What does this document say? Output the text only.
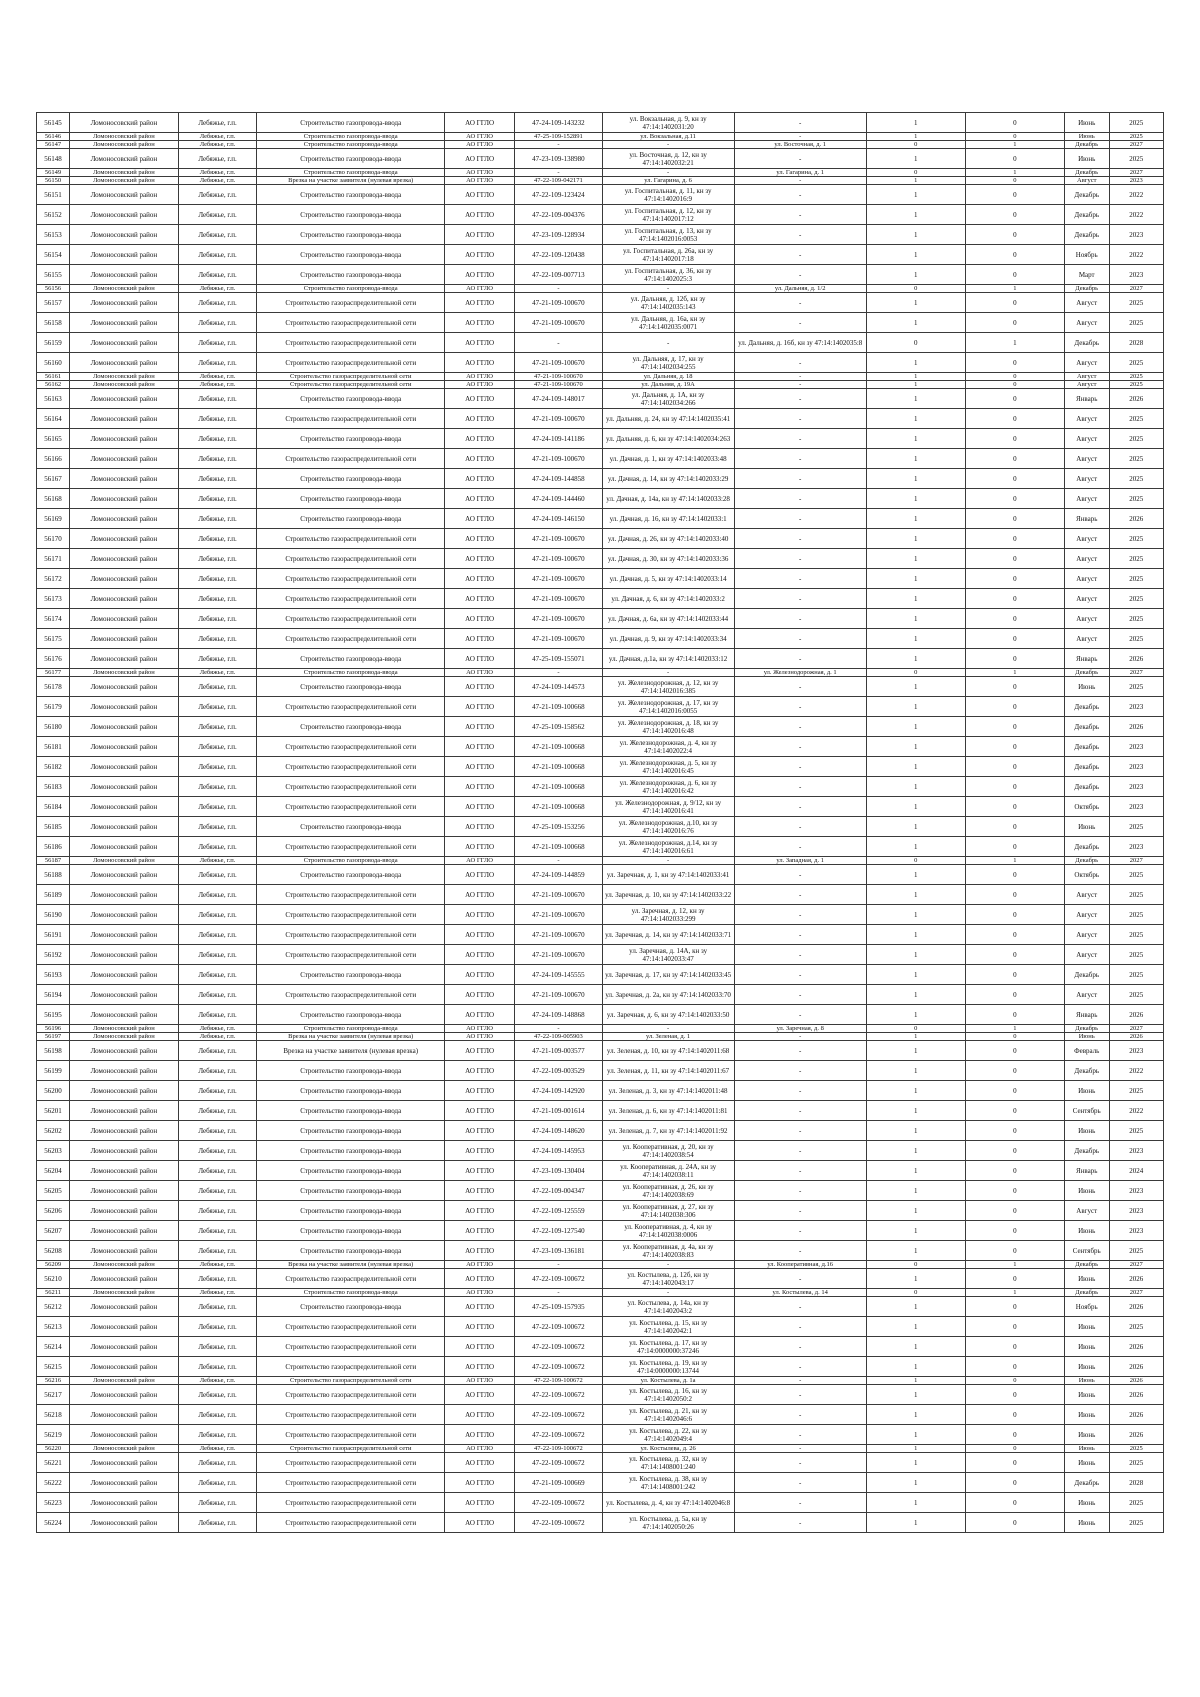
56145	Ломоносовский район	Лебяжье, г.п.	Строительство газопровода-ввода	АО ГГЛО	47-24-109-143232	ул. Вокзальная, д. 9, кн зу 47:14:1402031:20	-	1	0	Июнь	2025
56146	Ломоносовский район	Лебяжье, г.п.	Строительство газопровода-ввода	АО ГГЛО	47-25-109-152891	ул. Вокзальная, д.11	-	1	0	Июнь	2025
56147	Ломоносовский район	Лебяжье, г.п.	Строительство газопровода-ввода	АО ГГЛО	-	-	ул. Восточная, д. 1	0	1	Декабрь	2027
56148	Ломоносовский район	Лебяжье, г.п.	Строительство газопровода-ввода	АО ГГЛО	47-23-109-138980	ул. Восточная, д. 12, кн зу 47:14:1402032:21	-	1	0	Июнь	2025
56149	Ломоносовский район	Лебяжье, г.п.	Строительство газопровода-ввода	АО ГГЛО	-	-	ул. Гагарина, д. 1	0	1	Декабрь	2027
56150	Ломоносовский район	Лебяжье, г.п.	Врезка на участке заявителя (нулевая врезка)	АО ГГЛО	47-22-109-042171	ул. Гагарина, д. 6	-	1	0	Август	2023
56151	Ломоносовский район	Лебяжье, г.п.	Строительство газопровода-ввода	АО ГГЛО	47-22-109-123424	ул. Госпитальная, д. 11, кн зу 47:14:1402016:9	-	1	0	Декабрь	2022
56152	Ломоносовский район	Лебяжье, г.п.	Строительство газопровода-ввода	АО ГГЛО	47-22-109-004376	ул. Госпитальная, д. 12, кн зу 47:14:1402017:12	-	1	0	Декабрь	2022
56153	Ломоносовский район	Лебяжье, г.п.	Строительство газопровода-ввода	АО ГГЛО	47-23-109-128934	ул. Госпитальная, д. 13, кн зу 47:14:1402016:0053	-	1	0	Декабрь	2023
56154	Ломоносовский район	Лебяжье, г.п.	Строительство газопровода-ввода	АО ГГЛО	47-22-109-120438	ул. Госпитальная, д. 26а, кн зу 47:14:1402017:18	-	1	0	Ноябрь	2022
56155	Ломоносовский район	Лебяжье, г.п.	Строительство газопровода-ввода	АО ГГЛО	47-22-109-007713	ул. Госпитальная, д. 36, кн зу 47:14:1402025:3	-	1	0	Март	2023
56156	Ломоносовский район	Лебяжье, г.п.	Строительство газопровода-ввода	АО ГГЛО	-	-	ул. Дальняя, д. 1/2	0	1	Декабрь	2027
56157	Ломоносовский район	Лебяжье, г.п.	Строительство газораспределительной сети	АО ГГЛО	47-21-109-100670	ул. Дальняя, д. 12б, кн зу 47:14:1402035:143	-	1	0	Август	2025
56158	Ломоносовский район	Лебяжье, г.п.	Строительство газораспределительной сети	АО ГГЛО	47-21-109-100670	ул. Дальняя, д. 16а, кн зу 47:14:1402035:0071	-	1	0	Август	2025
56159	Ломоносовский район	Лебяжье, г.п.	Строительство газораспределительной сети	АО ГГЛО	-	-	ул. Дальняя, д. 16б, кн зу 47:14:1402035:8	0	1	Декабрь	2028
56160	Ломоносовский район	Лебяжье, г.п.	Строительство газораспределительной сети	АО ГГЛО	47-21-109-100670	ул. Дальняя, д. 17, кн зу 47:14:1402034:255	-	1	0	Август	2025
56161	Ломоносовский район	Лебяжье, г.п.	Строительство газораспределительной сети	АО ГГЛО	47-21-109-100670	ул. Дальняя, д. 18	-	1	0	Август	2025
56162	Ломоносовский район	Лебяжье, г.п.	Строительство газораспределительной сети	АО ГГЛО	47-21-109-100670	ул. Дальняя, д. 19А	-	1	0	Август	2025
56163	Ломоносовский район	Лебяжье, г.п.	Строительство газопровода-ввода	АО ГГЛО	47-24-109-148017	ул. Дальняя, д. 1А, кн зу 47:14:1402034:266	-	1	0	Январь	2026
56164	Ломоносовский район	Лебяжье, г.п.	Строительство газораспределительной сети	АО ГГЛО	47-21-109-100670	ул. Дальняя, д. 24, кн зу 47:14:1402035:41	-	1	0	Август	2025
56165	Ломоносовский район	Лебяжье, г.п.	Строительство газопровода-ввода	АО ГГЛО	47-24-109-141186	ул. Дальняя, д. 6, кн зу 47:14:1402034:263	-	1	0	Август	2025
56166	Ломоносовский район	Лебяжье, г.п.	Строительство газораспределительной сети	АО ГГЛО	47-21-109-100670	ул. Дачная, д. 1, кн зу 47:14:1402033:48	-	1	0	Август	2025
56167	Ломоносовский район	Лебяжье, г.п.	Строительство газопровода-ввода	АО ГГЛО	47-24-109-144858	ул. Дачная, д. 14, кн зу 47:14:1402033:29	-	1	0	Август	2025
56168	Ломоносовский район	Лебяжье, г.п.	Строительство газопровода-ввода	АО ГГЛО	47-24-109-144460	ул. Дачная, д. 14а, кн зу 47:14:1402033:28	-	1	0	Август	2025
56169	Ломоносовский район	Лебяжье, г.п.	Строительство газопровода-ввода	АО ГГЛО	47-24-109-146150	ул. Дачная, д. 16, кн зу 47:14:1402033:1	-	1	0	Январь	2026
56170	Ломоносовский район	Лебяжье, г.п.	Строительство газораспределительной сети	АО ГГЛО	47-21-109-100670	ул. Дачная, д. 26, кн зу 47:14:1402033:40	-	1	0	Август	2025
56171	Ломоносовский район	Лебяжье, г.п.	Строительство газораспределительной сети	АО ГГЛО	47-21-109-100670	ул. Дачная, д. 30, кн зу 47:14:1402033:36	-	1	0	Август	2025
56172	Ломоносовский район	Лебяжье, г.п.	Строительство газораспределительной сети	АО ГГЛО	47-21-109-100670	ул. Дачная, д. 5, кн зу 47:14:1402033:14	-	1	0	Август	2025
56173	Ломоносовский район	Лебяжье, г.п.	Строительство газораспределительной сети	АО ГГЛО	47-21-109-100670	ул. Дачная, д. 6, кн зу 47:14:1402033:2	-	1	0	Август	2025
56174	Ломоносовский район	Лебяжье, г.п.	Строительство газораспределительной сети	АО ГГЛО	47-21-109-100670	ул. Дачная, д. 6а, кн зу 47:14:1402033:44	-	1	0	Август	2025
56175	Ломоносовский район	Лебяжье, г.п.	Строительство газораспределительной сети	АО ГГЛО	47-21-109-100670	ул. Дачная, д. 9, кн зу 47:14:1402033:34	-	1	0	Август	2025
56176	Ломоносовский район	Лебяжье, г.п.	Строительство газопровода-ввода	АО ГГЛО	47-25-109-155071	ул. Дачная, д.1а, кн зу 47:14:1402033:12	-	1	0	Январь	2026
56177	Ломоносовский район	Лебяжье, г.п.	Строительство газопровода-ввода	АО ГГЛО	-	-	ул. Железнодорожная, д. 1	0	1	Декабрь	2027
56178	Ломоносовский район	Лебяжье, г.п.	Строительство газопровода-ввода	АО ГГЛО	47-24-109-144573	ул. Железнодорожная, д. 12, кн зу 47:14:1402016:385	-	1	0	Июнь	2025
56179	Ломоносовский район	Лебяжье, г.п.	Строительство газораспределительной сети	АО ГГЛО	47-21-109-100668	ул. Железнодорожная, д. 17, кн зу 47:14:1402016:0055	-	1	0	Декабрь	2023
56180	Ломоносовский район	Лебяжье, г.п.	Строительство газопровода-ввода	АО ГГЛО	47-25-109-158562	ул. Железнодорожная, д. 18, кн зу 47:14:1402016:48	-	1	0	Декабрь	2026
56181	Ломоносовский район	Лебяжье, г.п.	Строительство газораспределительной сети	АО ГГЛО	47-21-109-100668	ул. Железнодорожная, д. 4, кн зу 47:14:1402022:4	-	1	0	Декабрь	2023
56182	Ломоносовский район	Лебяжье, г.п.	Строительство газораспределительной сети	АО ГГЛО	47-21-109-100668	ул. Железнодорожная, д. 5, кн зу 47:14:1402016:45	-	1	0	Декабрь	2023
56183	Ломоносовский район	Лебяжье, г.п.	Строительство газораспределительной сети	АО ГГЛО	47-21-109-100668	ул. Железнодорожная, д. 6, кн зу 47:14:1402016:42	-	1	0	Декабрь	2023
56184	Ломоносовский район	Лебяжье, г.п.	Строительство газораспределительной сети	АО ГГЛО	47-21-109-100668	ул. Железнодорожная, д. 9/12, кн зу 47:14:1402016:41	-	1	0	Октябрь	2023
56185	Ломоносовский район	Лебяжье, г.п.	Строительство газопровода-ввода	АО ГГЛО	47-25-109-153256	ул. Железнодорожная, д.10, кн зу 47:14:1402016:76	-	1	0	Июнь	2025
56186	Ломоносовский район	Лебяжье, г.п.	Строительство газораспределительной сети	АО ГГЛО	47-21-109-100668	ул. Железнодорожная, д.14, кн зу 47:14:1402016:61	-	1	0	Декабрь	2023
56187	Ломоносовский район	Лебяжье, г.п.	Строительство газопровода-ввода	АО ГГЛО	-	-	ул. Западная, д. 1	0	1	Декабрь	2027
56188	Ломоносовский район	Лебяжье, г.п.	Строительство газопровода-ввода	АО ГГЛО	47-24-109-144859	ул. Заречная, д. 1, кн зу 47:14:1402033:41	-	1	0	Октябрь	2025
56189	Ломоносовский район	Лебяжье, г.п.	Строительство газораспределительной сети	АО ГГЛО	47-21-109-100670	ул. Заречная, д. 10, кн зу 47:14:1402033:22	-	1	0	Август	2025
56190	Ломоносовский район	Лебяжье, г.п.	Строительство газораспределительной сети	АО ГГЛО	47-21-109-100670	ул. Заречная, д. 12, кн зу 47:14:1402033:299	-	1	0	Август	2025
56191	Ломоносовский район	Лебяжье, г.п.	Строительство газораспределительной сети	АО ГГЛО	47-21-109-100670	ул. Заречная, д. 14, кн зу 47:14:1402033:71	-	1	0	Август	2025
56192	Ломоносовский район	Лебяжье, г.п.	Строительство газораспределительной сети	АО ГГЛО	47-21-109-100670	ул. Заречная, д. 14А, кн зу 47:14:1402033:47	-	1	0	Август	2025
56193	Ломоносовский район	Лебяжье, г.п.	Строительство газопровода-ввода	АО ГГЛО	47-24-109-145555	ул. Заречная, д. 17, кн зу 47:14:1402033:45	-	1	0	Декабрь	2025
56194	Ломоносовский район	Лебяжье, г.п.	Строительство газораспределительной сети	АО ГГЛО	47-21-109-100670	ул. Заречная, д. 2а, кн зу 47:14:1402033:70	-	1	0	Август	2025
56195	Ломоносовский район	Лебяжье, г.п.	Строительство газопровода-ввода	АО ГГЛО	47-24-109-148868	ул. Заречная, д. 6, кн зу 47:14:1402033:50	-	1	0	Январь	2026
56196	Ломоносовский район	Лебяжье, г.п.	Строительство газопровода-ввода	АО ГГЛО	-	-	ул. Заречная, д. 8	0	1	Декабрь	2027
56197	Ломоносовский район	Лебяжье, г.п.	Врезка на участке заявителя (нулевая врезка)	АО ГГЛО	47-22-109-005903	ул. Зеленая, д. 1	-	1	0	Июнь	2026
56198	Ломоносовский район	Лебяжье, г.п.	Врезка на участке заявителя (нулевая врезка)	АО ГГЛО	47-21-109-003577	ул. Зеленая, д. 10, кн зу 47:14:1402011:68	-	1	0	Февраль	2023
56199	Ломоносовский район	Лебяжье, г.п.	Строительство газопровода-ввода	АО ГГЛО	47-22-109-003529	ул. Зеленая, д. 11, кн зу 47:14:1402011:67	-	1	0	Декабрь	2022
56200	Ломоносовский район	Лебяжье, г.п.	Строительство газопровода-ввода	АО ГГЛО	47-24-109-142920	ул. Зеленая, д. 3, кн зу 47:14:1402011:48	-	1	0	Июнь	2025
56201	Ломоносовский район	Лебяжье, г.п.	Строительство газопровода-ввода	АО ГГЛО	47-21-109-001614	ул. Зеленая, д. 6, кн зу 47:14:1402011:81	-	1	0	Сентябрь	2022
56202	Ломоносовский район	Лебяжье, г.п.	Строительство газопровода-ввода	АО ГГЛО	47-24-109-148620	ул. Зеленая, д. 7, кн зу 47:14:1402011:92	-	1	0	Июнь	2025
56203	Ломоносовский район	Лебяжье, г.п.	Строительство газопровода-ввода	АО ГГЛО	47-24-109-145953	ул. Кооперативная, д. 20, кн зу 47:14:1402038:54	-	1	0	Декабрь	2023
56204	Ломоносовский район	Лебяжье, г.п.	Строительство газопровода-ввода	АО ГГЛО	47-23-109-130404	ул. Кооперативная, д. 24А, кн зу 47:14:1402038:11	-	1	0	Январь	2024
56205	Ломоносовский район	Лебяжье, г.п.	Строительство газопровода-ввода	АО ГГЛО	47-22-109-004347	ул. Кооперативная, д. 26, кн зу 47:14:1402038:69	-	1	0	Июнь	2023
56206	Ломоносовский район	Лебяжье, г.п.	Строительство газопровода-ввода	АО ГГЛО	47-22-109-125559	ул. Кооперативная, д. 27, кн зу 47:14:1402038:306	-	1	0	Август	2023
56207	Ломоносовский район	Лебяжье, г.п.	Строительство газопровода-ввода	АО ГГЛО	47-22-109-127540	ул. Кооперативная, д. 4, кн зу 47:14:1402038:0006	-	1	0	Июнь	2023
56208	Ломоносовский район	Лебяжье, г.п.	Строительство газопровода-ввода	АО ГГЛО	47-23-109-136181	ул. Кооперативная, д. 4а, кн зу 47:14:1402038:83	-	1	0	Сентябрь	2025
56209	Ломоносовский район	Лебяжье, г.п.	Врезка на участке заявителя (нулевая врезка)	АО ГГЛО	-	-	ул. Кооперативная, д.16	0	1	Декабрь	2027
56210	Ломоносовский район	Лебяжье, г.п.	Строительство газораспределительной сети	АО ГГЛО	47-22-109-100672	ул. Костылева, д. 12б, кн зу 47:14:1402043:17	-	1	0	Июнь	2026
56211	Ломоносовский район	Лебяжье, г.п.	Строительство газопровода-ввода	АО ГГЛО	-	-	ул. Костылева, д. 14	0	1	Декабрь	2027
56212	Ломоносовский район	Лебяжье, г.п.	Строительство газопровода-ввода	АО ГГЛО	47-25-109-157935	ул. Костылева, д. 14а, кн зу 47:14:1402043:2	-	1	0	Ноябрь	2026
56213	Ломоносовский район	Лебяжье, г.п.	Строительство газораспределительной сети	АО ГГЛО	47-22-109-100672	ул. Костылева, д. 15, кн зу 47:14:1402042:1	-	1	0	Июнь	2025
56214	Ломоносовский район	Лебяжье, г.п.	Строительство газораспределительной сети	АО ГГЛО	47-22-109-100672	ул. Костылева, д. 17, кн зу 47:14:0000000:37246	-	1	0	Июнь	2026
56215	Ломоносовский район	Лебяжье, г.п.	Строительство газораспределительной сети	АО ГГЛО	47-22-109-100672	ул. Костылева, д. 19, кн зу 47:14:0000000:13744	-	1	0	Июнь	2026
56216	Ломоносовский район	Лебяжье, г.п.	Строительство газораспределительной сети	АО ГГЛО	47-22-109-100672	ул. Костылева, д. 1а	-	1	0	Июнь	2026
56217	Ломоносовский район	Лебяжье, г.п.	Строительство газораспределительной сети	АО ГГЛО	47-22-109-100672	ул. Костылева, д. 16, кн зу 47:14:1402050:2	-	1	0	Июнь	2026
56218	Ломоносовский район	Лебяжье, г.п.	Строительство газораспределительной сети	АО ГГЛО	47-22-109-100672	ул. Костылева, д. 21, кн зу 47:14:1402046:6	-	1	0	Июнь	2026
56219	Ломоносовский район	Лебяжье, г.п.	Строительство газораспределительной сети	АО ГГЛО	47-22-109-100672	ул. Костылева, д. 22, кн зу 47:14:1402049:4	-	1	0	Июнь	2026
56220	Ломоносовский район	Лебяжье, г.п.	Строительство газораспределительной сети	АО ГГЛО	47-22-109-100672	ул. Костылева, д. 26	-	1	0	Июнь	2025
56221	Ломоносовский район	Лебяжье, г.п.	Строительство газораспределительной сети	АО ГГЛО	47-22-109-100672	ул. Костылева, д. 32, кн зу 47:14:1408001:240	-	1	0	Июнь	2025
56222	Ломоносовский район	Лебяжье, г.п.	Строительство газораспределительной сети	АО ГГЛО	47-21-109-100669	ул. Костылева, д. 38, кн зу 47:14:1408001:242	-	1	0	Декабрь	2028
56223	Ломоносовский район	Лебяжье, г.п.	Строительство газораспределительной сети	АО ГГЛО	47-22-109-100672	ул. Костылева, д. 4, кн зу 47:14:1402046:8	-	1	0	Июнь	2025
56224	Ломоносовский район	Лебяжье, г.п.	Строительство газораспределительной сети	АО ГГЛО	47-22-109-100672	ул. Костылева, д. 5а, кн зу 47:14:1402050:26	-	1	0	Июнь	2025
